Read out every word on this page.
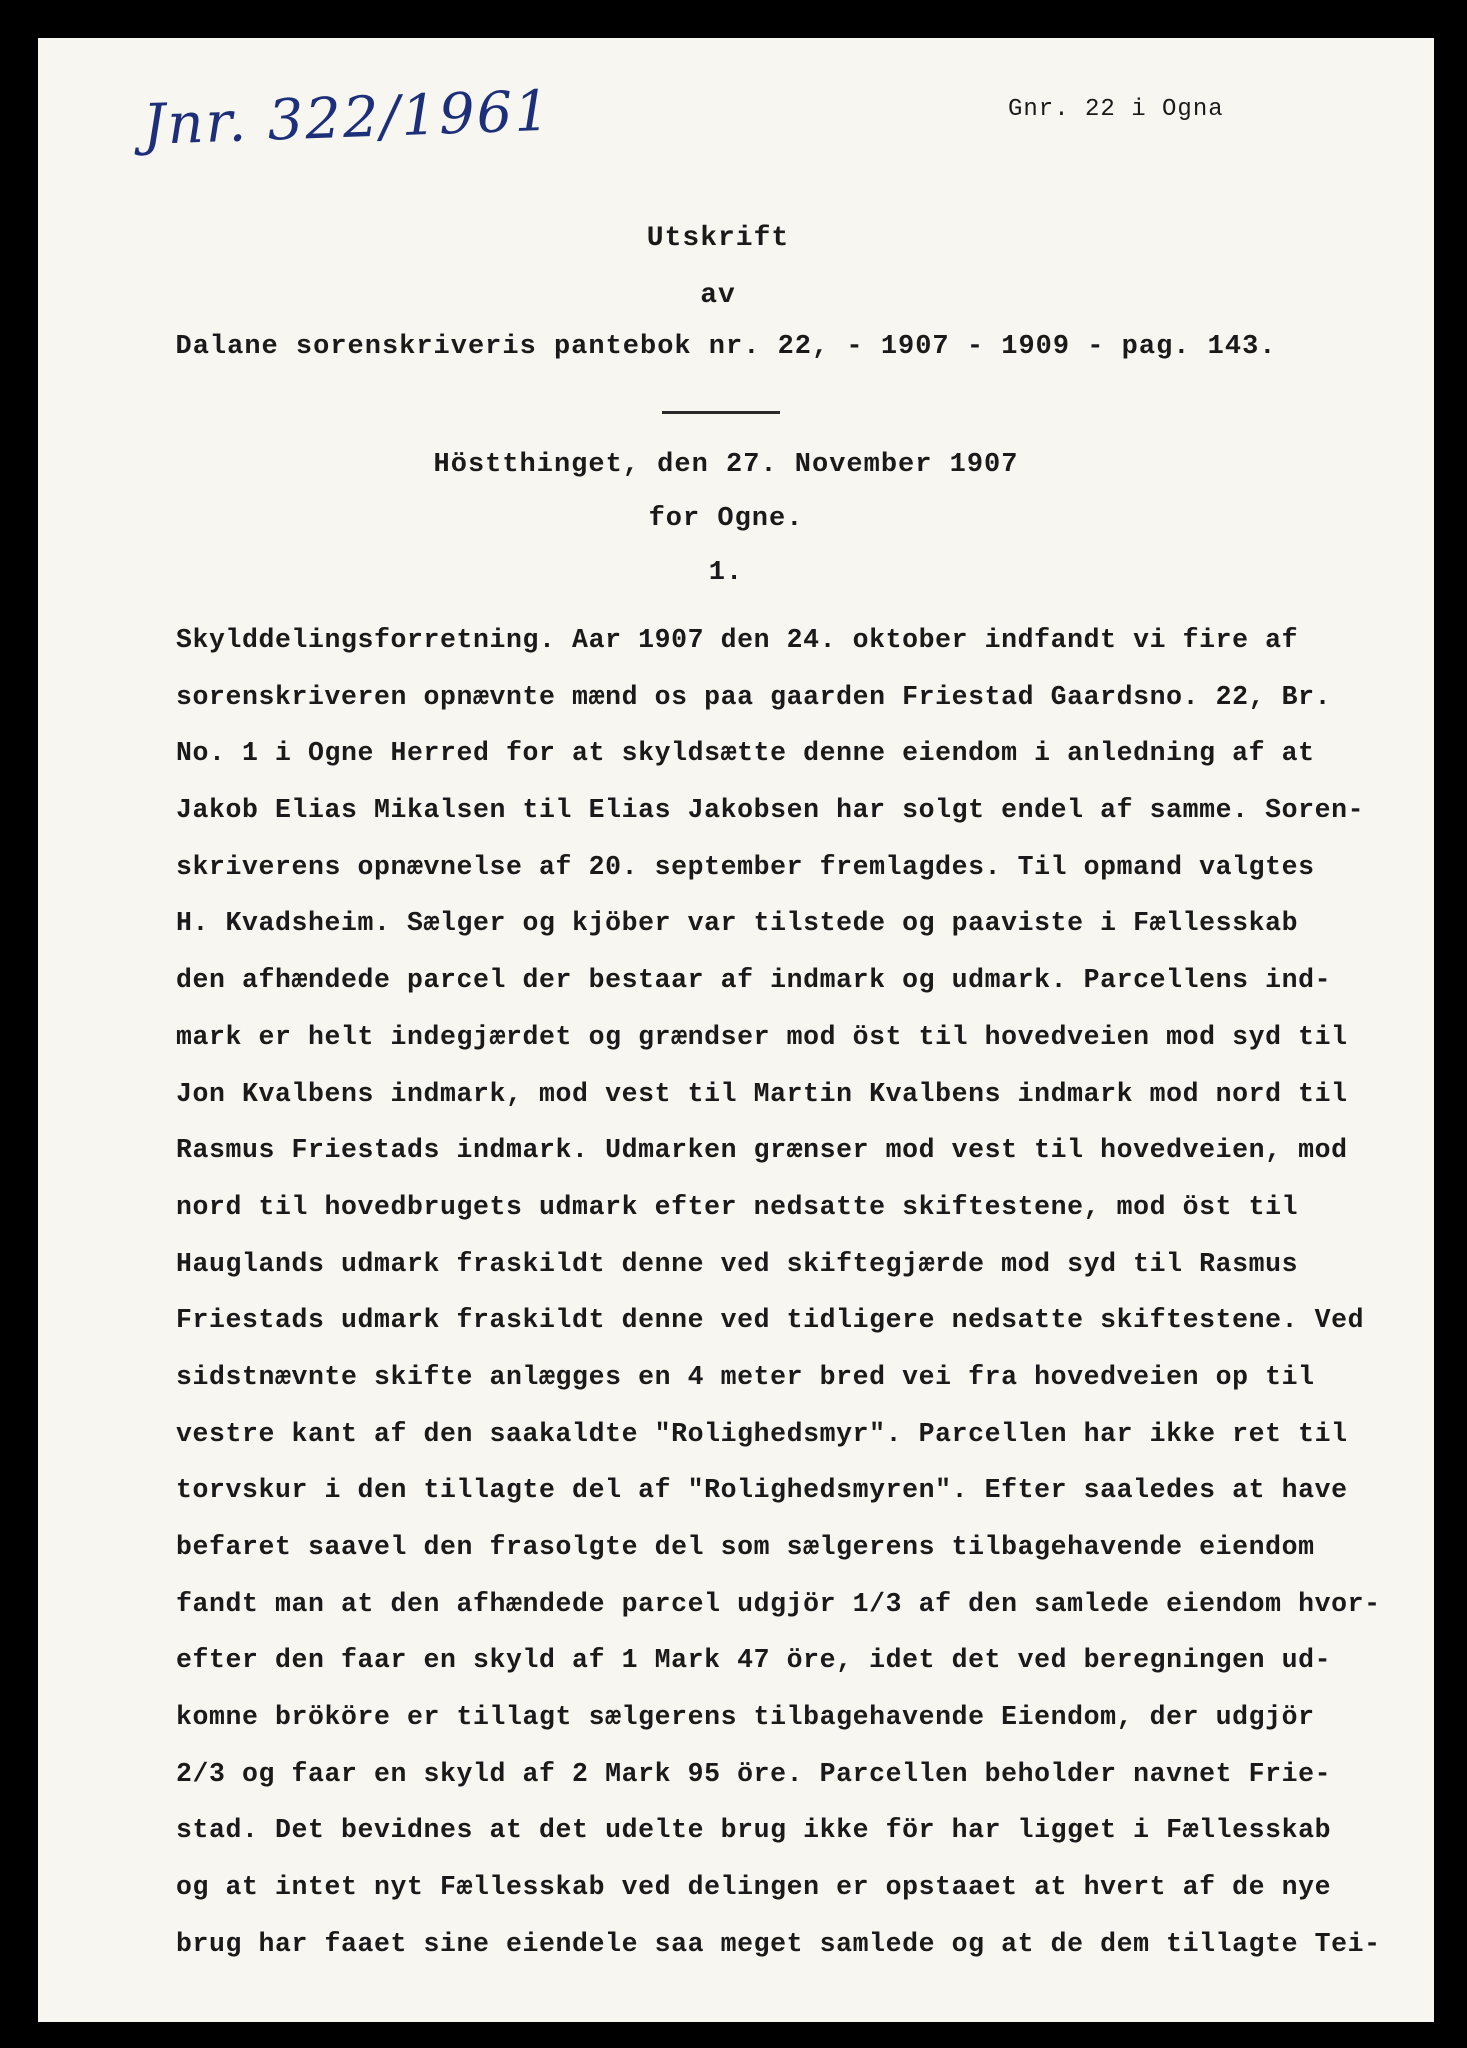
Jnr. 322/1961	Gnr. 22 i Ogna
Utskrift
av
Dalane sorenskriveris pantebok nr. 22, - 1907 - 1909 - pag. 143.
Höstthinget, den 27. November 1907
for Ogne.
1.
Skylddelingsforretning. Aar 1907 den 24. oktober indfandt vi fire af
sorenskriveren opnævnte mænd os paa gaarden Friestad Gaardsno. 22, Br.
No. 1 i Ogne Herred for at skyldsætte denne eiendom i anledning af at
Jakob Elias Mikalsen til Elias Jakobsen har solgt endel af samme. Soren-
skriverens opnævnelse af 20. september fremlagdes. Til opmand valgtes
H. Kvadsheim. Sælger og kjöber var tilstede og paaviste i Fællesskab
den afhændede parcel der bestaar af indmark og udmark. Parcellens ind-
mark er helt indegjærdet og grændser mod öst til hovedveien mod syd til
Jon Kvalbens indmark, mod vest til Martin Kvalbens indmark mod nord til
Rasmus Friestads indmark. Udmarken grænser mod vest til hovedveien, mod
nord til hovedbrugets udmark efter nedsatte skiftestene, mod öst til
Hauglands udmark fraskildt denne ved skiftegjærde mod syd til Rasmus
Friestads udmark fraskildt denne ved tidligere nedsatte skiftestene. Ved
sidstnævnte skifte anlægges en 4 meter bred vei fra hovedveien op til
vestre kant af den saakaldte "Rolighedsmyr". Parcellen har ikke ret til
torvskur i den tillagte del af "Rolighedsmyren". Efter saaledes at have
befaret saavel den frasolgte del som sælgerens tilbagehavende eiendom
fandt man at den afhændede parcel udgjör 1/3 af den samlede eiendom hvor-
efter den faar en skyld af 1 Mark 47 öre, idet det ved beregningen ud-
komne brököre er tillagt sælgerens tilbagehavende Eiendom, der udgjör
2/3 og faar en skyld af 2 Mark 95 öre. Parcellen beholder navnet Frie-
stad. Det bevidnes at det udelte brug ikke för har ligget i Fællesskab
og at intet nyt Fællesskab ved delingen er opstaaet at hvert af de nye
brug har faaet sine eiendele saa meget samlede og at de dem tillagte Tei-
